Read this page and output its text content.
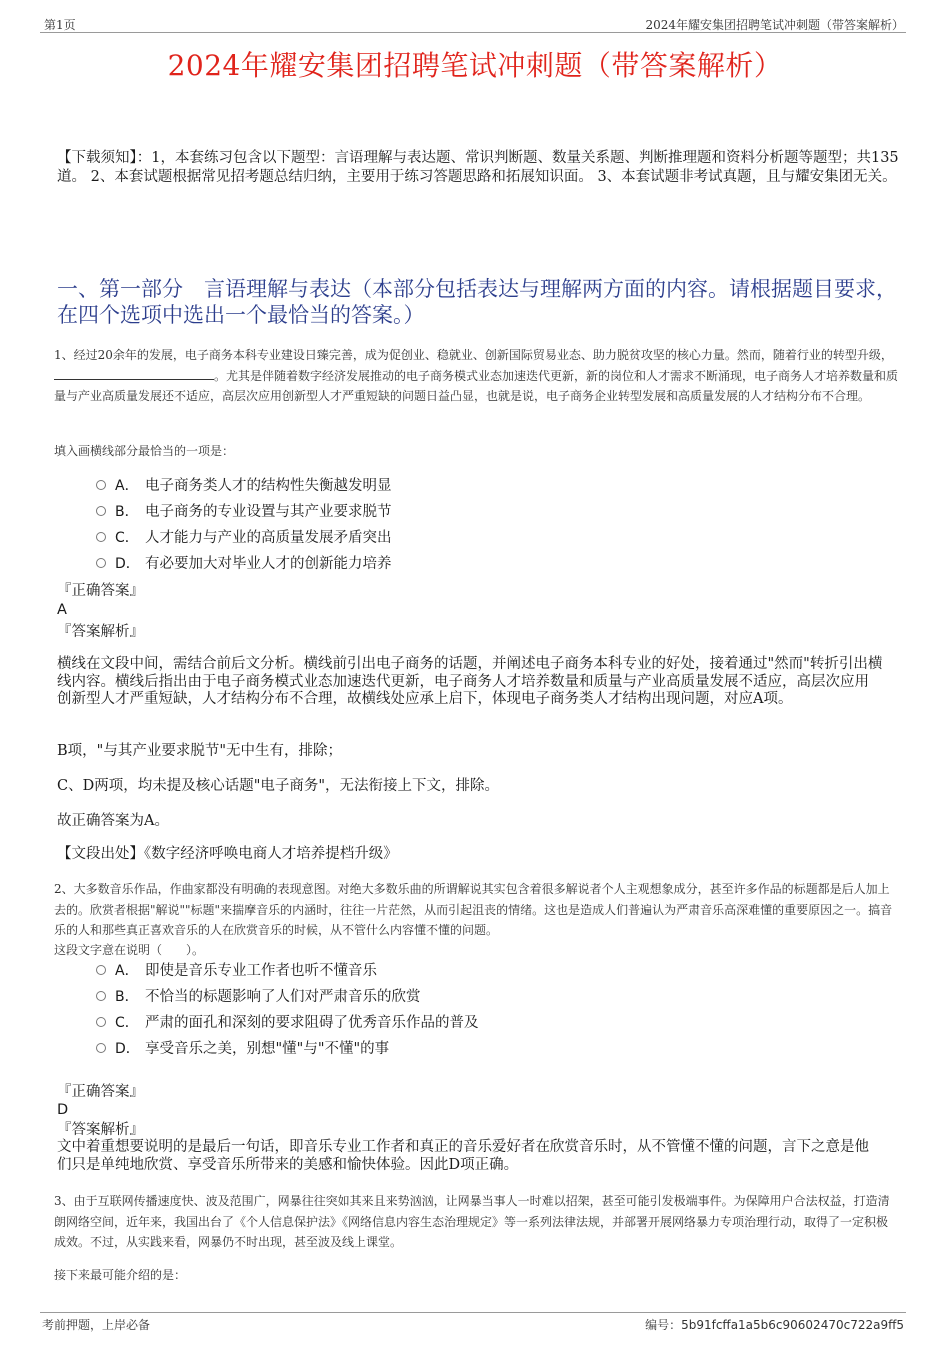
第1页	2024年耀安集团招聘笔试冲刺题（带答案解析）
2024年耀安集团招聘笔试冲刺题（带答案解析）
【下载须知】：1，本套练习包含以下题型：言语理解与表达题、常识判断题、数量关系题、判断推理题和资料分析题等题型；共135道。 2、本套试题根据常见招考题总结归纳，主要用于练习答题思路和拓展知识面。 3、本套试题非考试真题，且与耀安集团无关。
一、第一部分　言语理解与表达（本部分包括表达与理解两方面的内容。请根据题目要求，在四个选项中选出一个最恰当的答案。）
1、经过20余年的发展，电子商务本科专业建设日臻完善，成为促创业、稳就业、创新国际贸易业态、助力脱贫攻坚的核心力量。然而，随着行业的转型升级，。尤其是伴随着数字经济发展推动的电子商务模式业态加速迭代更新，新的岗位和人才需求不断涌现，电子商务人才培养数量和质量与产业高质量发展还不适应，高层次应用创新型人才严重短缺的问题日益凸显，也就是说，电子商务企业转型发展和高质量发展的人才结构分布不合理。
填入画横线部分最恰当的一项是：
A． 电子商务类人才的结构性失衡越发明显
B． 电子商务的专业设置与其产业要求脱节
C． 人才能力与产业的高质量发展矛盾突出
D． 有必要加大对毕业人才的创新能力培养
『正确答案』
A
『答案解析』
横线在文段中间，需结合前后文分析。横线前引出电子商务的话题，并阐述电子商务本科专业的好处，接着通过"然而"转折引出横线内容。横线后指出由于电子商务模式业态加速迭代更新，电子商务人才培养数量和质量与产业高质量发展不适应，高层次应用创新型人才严重短缺，人才结构分布不合理，故横线处应承上启下，体现电子商务类人才结构出现问题，对应A项。
B项，"与其产业要求脱节"无中生有，排除；
C、D两项，均未提及核心话题"电子商务"，无法衔接上下文，排除。
故正确答案为A。
【文段出处】《数字经济呼唤电商人才培养提档升级》
2、大多数音乐作品，作曲家都没有明确的表现意图。对绝大多数乐曲的所谓解说其实包含着很多解说者个人主观想象成分，甚至许多作品的标题都是后人加上去的。欣赏者根据"解说""标题"来揣摩音乐的内涵时，往往一片茫然，从而引起沮丧的情绪。这也是造成人们普遍认为严肃音乐高深难懂的重要原因之一。搞音乐的人和那些真正喜欢音乐的人在欣赏音乐的时候，从不管什么内容懂不懂的问题。
这段文字意在说明（　　）。
A． 即使是音乐专业工作者也听不懂音乐
B． 不恰当的标题影响了人们对严肃音乐的欣赏
C． 严肃的面孔和深刻的要求阻碍了优秀音乐作品的普及
D． 享受音乐之美，别想"懂"与"不懂"的事
『正确答案』
D
『答案解析』
文中着重想要说明的是最后一句话，即音乐专业工作者和真正的音乐爱好者在欣赏音乐时，从不管懂不懂的问题，言下之意是他们只是单纯地欣赏、享受音乐所带来的美感和愉快体验。因此D项正确。
3、由于互联网传播速度快、波及范围广，网暴往往突如其来且来势汹汹，让网暴当事人一时难以招架，甚至可能引发极端事件。为保障用户合法权益，打造清朗网络空间，近年来，我国出台了《个人信息保护法》《网络信息内容生态治理规定》等一系列法律法规，并部署开展网络暴力专项治理行动，取得了一定积极成效。不过，从实践来看，网暴仍不时出现，甚至波及线上课堂。
接下来最可能介绍的是：
考前押题，上岸必备	编号：5b91fcffa1a5b6c90602470c722a9ff5
